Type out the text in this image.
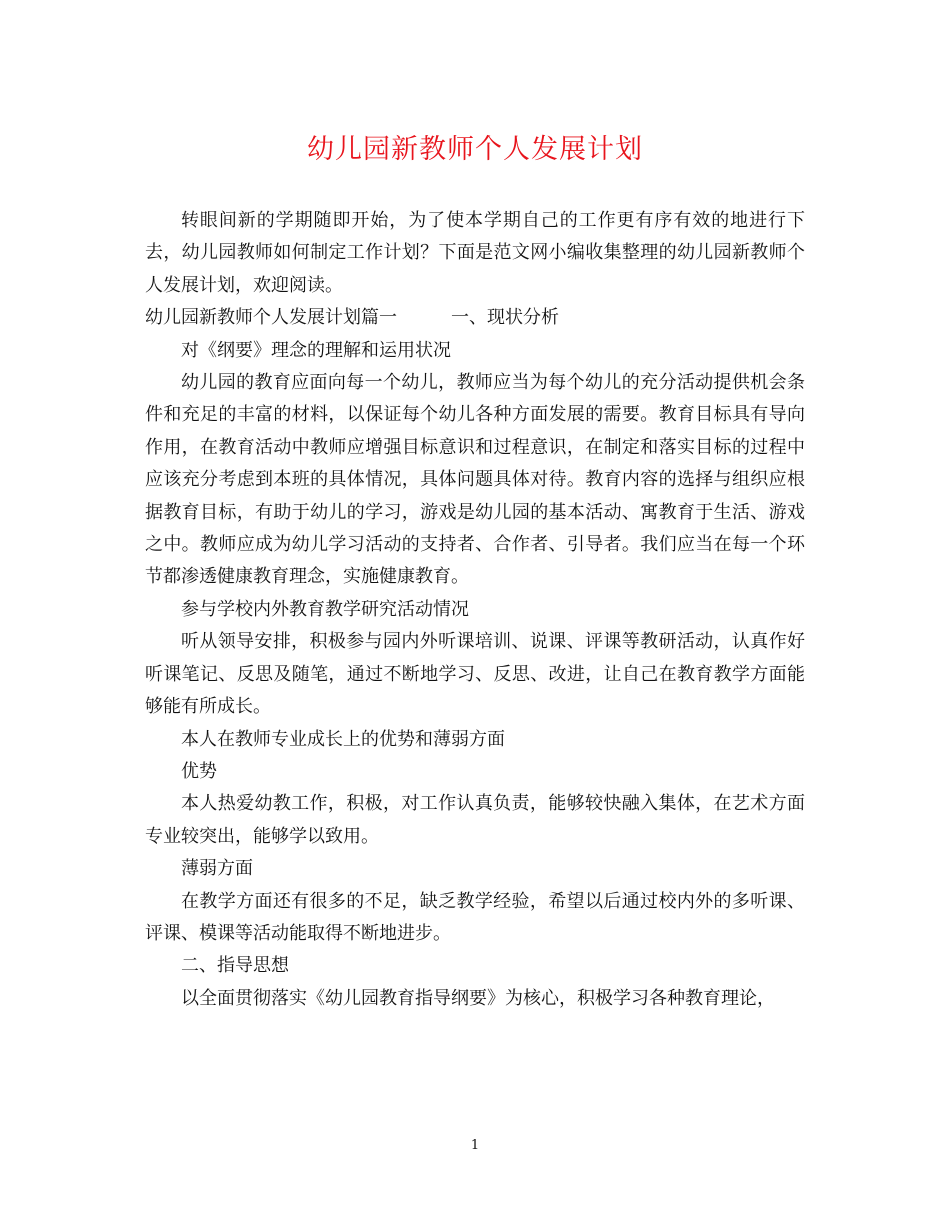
幼儿园新教师个人发展计划

转眼间新的学期随即开始，为了使本学期自己的工作更有序有效的地进行下去，幼儿园教师如何制定工作计划？下面是范文网小编收集整理的幼儿园新教师个人发展计划，欢迎阅读。

幼儿园新教师个人发展计划篇一	一、现状分析

对《纲要》理念的理解和运用状况

幼儿园的教育应面向每一个幼儿，教师应当为每个幼儿的充分活动提供机会条件和充足的丰富的材料，以保证每个幼儿各种方面发展的需要。教育目标具有导向作用，在教育活动中教师应增强目标意识和过程意识，在制定和落实目标的过程中应该充分考虑到本班的具体情况，具体问题具体对待。教育内容的选择与组织应根据教育目标，有助于幼儿的学习，游戏是幼儿园的基本活动、寓教育于生活、游戏之中。教师应成为幼儿学习活动的支持者、合作者、引导者。我们应当在每一个环节都渗透健康教育理念，实施健康教育。

参与学校内外教育教学研究活动情况

听从领导安排，积极参与园内外听课培训、说课、评课等教研活动，认真作好听课笔记、反思及随笔，通过不断地学习、反思、改进，让自己在教育教学方面能够能有所成长。

本人在教师专业成长上的优势和薄弱方面

优势

本人热爱幼教工作，积极，对工作认真负责，能够较快融入集体，在艺术方面专业较突出，能够学以致用。

薄弱方面

在教学方面还有很多的不足，缺乏教学经验，希望以后通过校内外的多听课、评课、模课等活动能取得不断地进步。

二、指导思想

以全面贯彻落实《幼儿园教育指导纲要》为核心，积极学习各种教育理论，

1
